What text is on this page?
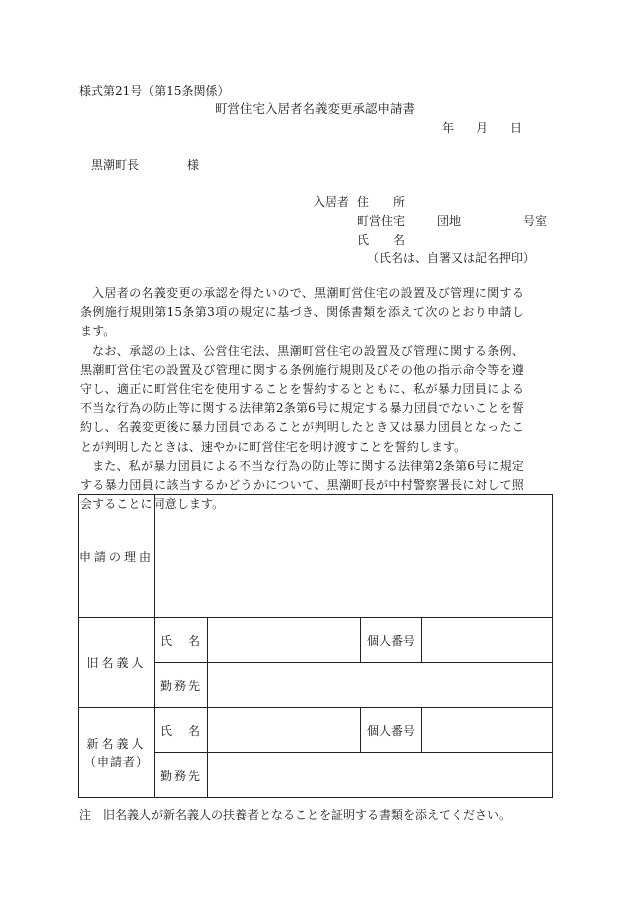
様式第21号（第15条関係）
町営住宅入居者名義変更承認申請書
年 月 日
黒潮町長	様
入居者 住　　所
町営住宅	団地	号室
氏　　名
（氏名は、自署又は記名押印）

入居者の名義変更の承認を得たいので、黒潮町営住宅の設置及び管理に関する条例施行規則第15条第3項の規定に基づき、関係書類を添えて次のとおり申請します。

なお、承認の上は、公営住宅法、黒潮町営住宅の設置及び管理に関する条例、黒潮町営住宅の設置及び管理に関する条例施行規則及びその他の指示命令等を遵守し、適正に町営住宅を使用することを誓約するとともに、私が暴力団員による不当な行為の防止等に関する法律第2条第6号に規定する暴力団員でないことを誓約し、名義変更後に暴力団員であることが判明したとき又は暴力団員となったことが判明したときは、速やかに町営住宅を明け渡すことを誓約します。

また、私が暴力団員による不当な行為の防止等に関する法律第2条第6号に規定する暴力団員に該当するかどうかについて、黒潮町長が中村警察署長に対して照会することに同意します。

申請の理由				
旧名義人	氏　名		個人番号	
	勤務先			
新名義人
（申請者）	氏　名		個人番号	
	勤務先			
注　旧名義人が新名義人の扶養者となることを証明する書類を添えてください。
